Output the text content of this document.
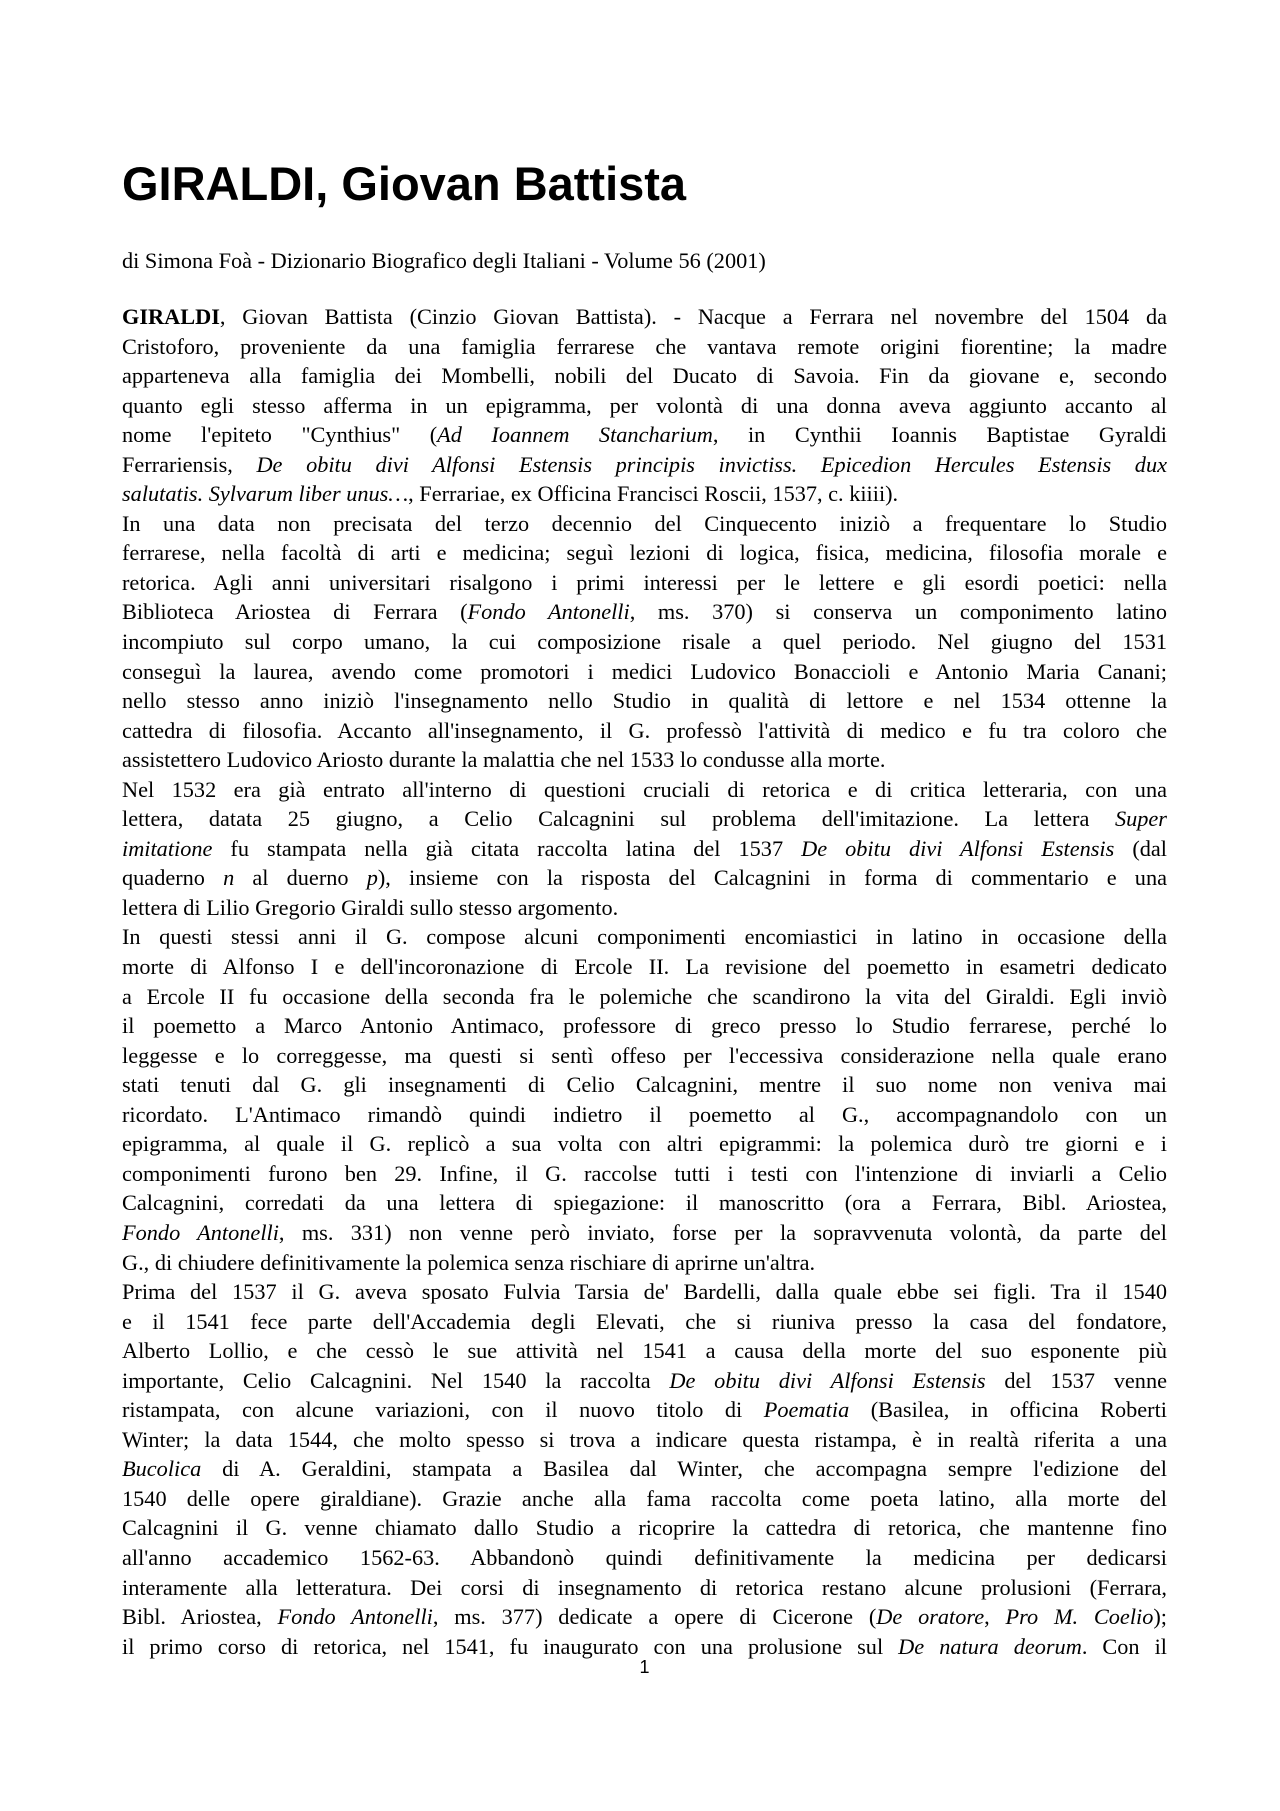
GIRALDI, Giovan Battista

di Simona Foà - Dizionario Biografico degli Italiani - Volume 56 (2001)

GIRALDI, Giovan Battista (Cinzio Giovan Battista). - Nacque a Ferrara nel novembre del 1504 da
Cristoforo, proveniente da una famiglia ferrarese che vantava remote origini fiorentine; la madre
apparteneva alla famiglia dei Mombelli, nobili del Ducato di Savoia. Fin da giovane e, secondo
quanto egli stesso afferma in un epigramma, per volontà di una donna aveva aggiunto accanto al
nome l'epiteto "Cynthius" (Ad Ioannem Stancharium, in Cynthii Ioannis Baptistae Gyraldi
Ferrariensis, De obitu divi Alfonsi Estensis principis invictiss. Epicedion Hercules Estensis dux
salutatis. Sylvarum liber unus…, Ferrariae, ex Officina Francisci Roscii, 1537, c. kiiii).
In una data non precisata del terzo decennio del Cinquecento iniziò a frequentare lo Studio
ferrarese, nella facoltà di arti e medicina; seguì lezioni di logica, fisica, medicina, filosofia morale e
retorica. Agli anni universitari risalgono i primi interessi per le lettere e gli esordi poetici: nella
Biblioteca Ariostea di Ferrara (Fondo Antonelli, ms. 370) si conserva un componimento latino
incompiuto sul corpo umano, la cui composizione risale a quel periodo. Nel giugno del 1531
conseguì la laurea, avendo come promotori i medici Ludovico Bonaccioli e Antonio Maria Canani;
nello stesso anno iniziò l'insegnamento nello Studio in qualità di lettore e nel 1534 ottenne la
cattedra di filosofia. Accanto all'insegnamento, il G. professò l'attività di medico e fu tra coloro che
assistettero Ludovico Ariosto durante la malattia che nel 1533 lo condusse alla morte.
Nel 1532 era già entrato all'interno di questioni cruciali di retorica e di critica letteraria, con una
lettera, datata 25 giugno, a Celio Calcagnini sul problema dell'imitazione. La lettera Super
imitatione fu stampata nella già citata raccolta latina del 1537 De obitu divi Alfonsi Estensis (dal
quaderno n al duerno p), insieme con la risposta del Calcagnini in forma di commentario e una
lettera di Lilio Gregorio Giraldi sullo stesso argomento.
In questi stessi anni il G. compose alcuni componimenti encomiastici in latino in occasione della
morte di Alfonso I e dell'incoronazione di Ercole II. La revisione del poemetto in esametri dedicato
a Ercole II fu occasione della seconda fra le polemiche che scandirono la vita del Giraldi. Egli inviò
il poemetto a Marco Antonio Antimaco, professore di greco presso lo Studio ferrarese, perché lo
leggesse e lo correggesse, ma questi si sentì offeso per l'eccessiva considerazione nella quale erano
stati tenuti dal G. gli insegnamenti di Celio Calcagnini, mentre il suo nome non veniva mai
ricordato. L'Antimaco rimandò quindi indietro il poemetto al G., accompagnandolo con un
epigramma, al quale il G. replicò a sua volta con altri epigrammi: la polemica durò tre giorni e i
componimenti furono ben 29. Infine, il G. raccolse tutti i testi con l'intenzione di inviarli a Celio
Calcagnini, corredati da una lettera di spiegazione: il manoscritto (ora a Ferrara, Bibl. Ariostea,
Fondo Antonelli, ms. 331) non venne però inviato, forse per la sopravvenuta volontà, da parte del
G., di chiudere definitivamente la polemica senza rischiare di aprirne un'altra.
Prima del 1537 il G. aveva sposato Fulvia Tarsia de' Bardelli, dalla quale ebbe sei figli. Tra il 1540
e il 1541 fece parte dell'Accademia degli Elevati, che si riuniva presso la casa del fondatore,
Alberto Lollio, e che cessò le sue attività nel 1541 a causa della morte del suo esponente più
importante, Celio Calcagnini. Nel 1540 la raccolta De obitu divi Alfonsi Estensis del 1537 venne
ristampata, con alcune variazioni, con il nuovo titolo di Poematia (Basilea, in officina Roberti
Winter; la data 1544, che molto spesso si trova a indicare questa ristampa, è in realtà riferita a una
Bucolica di A. Geraldini, stampata a Basilea dal Winter, che accompagna sempre l'edizione del
1540 delle opere giraldiane). Grazie anche alla fama raccolta come poeta latino, alla morte del
Calcagnini il G. venne chiamato dallo Studio a ricoprire la cattedra di retorica, che mantenne fino
all'anno accademico 1562-63. Abbandonò quindi definitivamente la medicina per dedicarsi
interamente alla letteratura. Dei corsi di insegnamento di retorica restano alcune prolusioni (Ferrara,
Bibl. Ariostea, Fondo Antonelli, ms. 377) dedicate a opere di Cicerone (De oratore, Pro M. Coelio);
il primo corso di retorica, nel 1541, fu inaugurato con una prolusione sul De natura deorum. Con il
1
